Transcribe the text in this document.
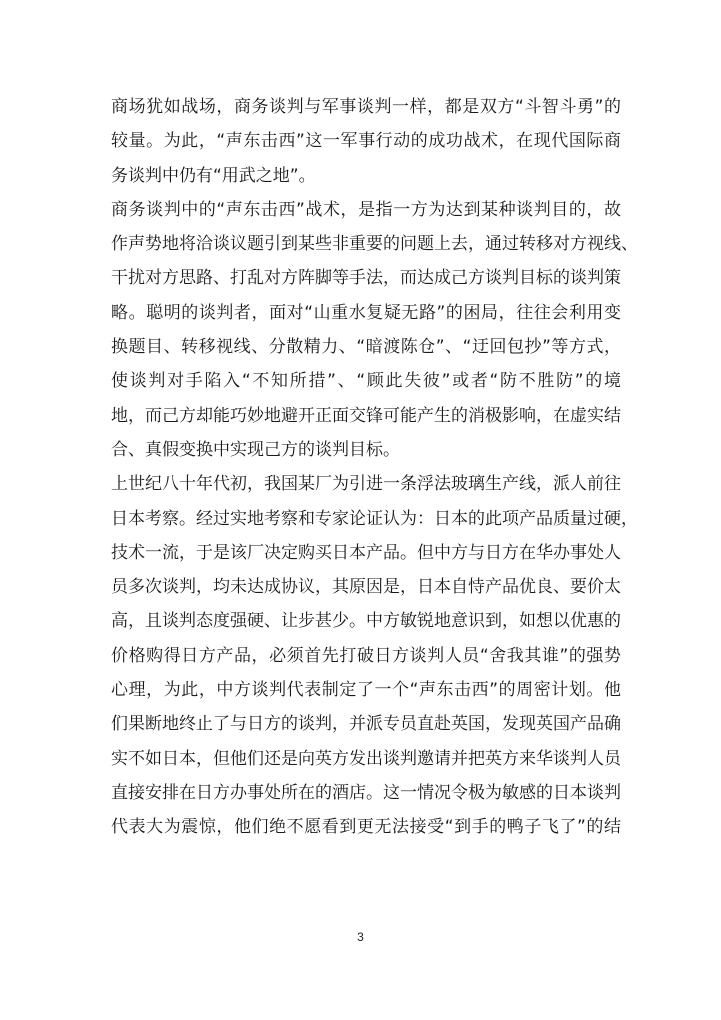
商场犹如战场，商务谈判与军事谈判一样，都是双方“斗智斗勇”的
较量。为此，“声东击西”这一军事行动的成功战术，在现代国际商
务谈判中仍有“用武之地”。
商务谈判中的“声东击西”战术，是指一方为达到某种谈判目的，故
作声势地将洽谈议题引到某些非重要的问题上去，通过转移对方视线、
干扰对方思路、打乱对方阵脚等手法，而达成己方谈判目标的谈判策
略。聪明的谈判者，面对“山重水复疑无路”的困局，往往会利用变
换题目、转移视线、分散精力、“暗渡陈仓”、“迂回包抄”等方式，
使谈判对手陷入“不知所措”、“顾此失彼”或者“防不胜防”的境
地，而己方却能巧妙地避开正面交锋可能产生的消极影响，在虚实结
合、真假变换中实现己方的谈判目标。
上世纪八十年代初，我国某厂为引进一条浮法玻璃生产线，派人前往
日本考察。经过实地考察和专家论证认为：日本的此项产品质量过硬，
技术一流，于是该厂决定购买日本产品。但中方与日方在华办事处人
员多次谈判，均未达成协议，其原因是，日本自恃产品优良、要价太
高，且谈判态度强硬、让步甚少。中方敏锐地意识到，如想以优惠的
价格购得日方产品，必须首先打破日方谈判人员“舍我其谁”的强势
心理，为此，中方谈判代表制定了一个“声东击西”的周密计划。他
们果断地终止了与日方的谈判，并派专员直赴英国，发现英国产品确
实不如日本，但他们还是向英方发出谈判邀请并把英方来华谈判人员
直接安排在日方办事处所在的酒店。这一情况令极为敏感的日本谈判
代表大为震惊，他们绝不愿看到更无法接受“到手的鸭子飞了”的结
3
